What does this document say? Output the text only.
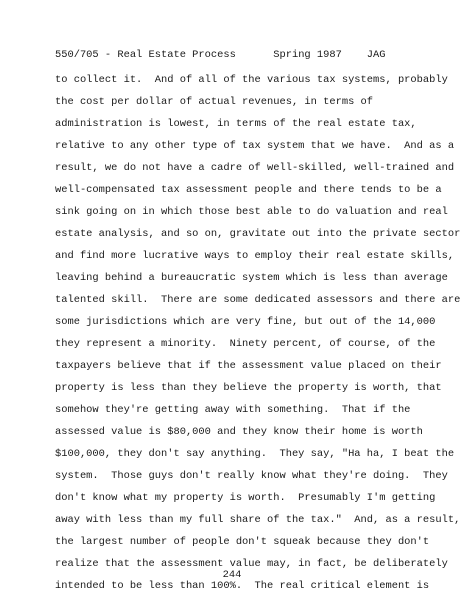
550/705 - Real Estate Process	Spring 1987 JAG
to collect it.  And of all of the various tax systems, probably
the cost per dollar of actual revenues, in terms of
administration is lowest, in terms of the real estate tax,
relative to any other type of tax system that we have.  And as a
result, we do not have a cadre of well-skilled, well-trained and
well-compensated tax assessment people and there tends to be a
sink going on in which those best able to do valuation and real
estate analysis, and so on, gravitate out into the private sector
and find more lucrative ways to employ their real estate skills,
leaving behind a bureaucratic system which is less than average
talented skill.  There are some dedicated assessors and there are
some jurisdictions which are very fine, but out of the 14,000
they represent a minority.  Ninety percent, of course, of the
taxpayers believe that if the assessment value placed on their
property is less than they believe the property is worth, that
somehow they're getting away with something.  That if the
assessed value is $80,000 and they know their home is worth
$100,000, they don't say anything.  They say, "Ha ha, I beat the
system.  Those guys don't really know what they're doing.  They
don't know what my property is worth.  Presumably I'm getting
away with less than my full share of the tax."  And, as a result,
the largest number of people don't squeak because they don't
realize that the assessment value may, in fact, be deliberately
intended to be less than 100%.  The real critical element is
244
